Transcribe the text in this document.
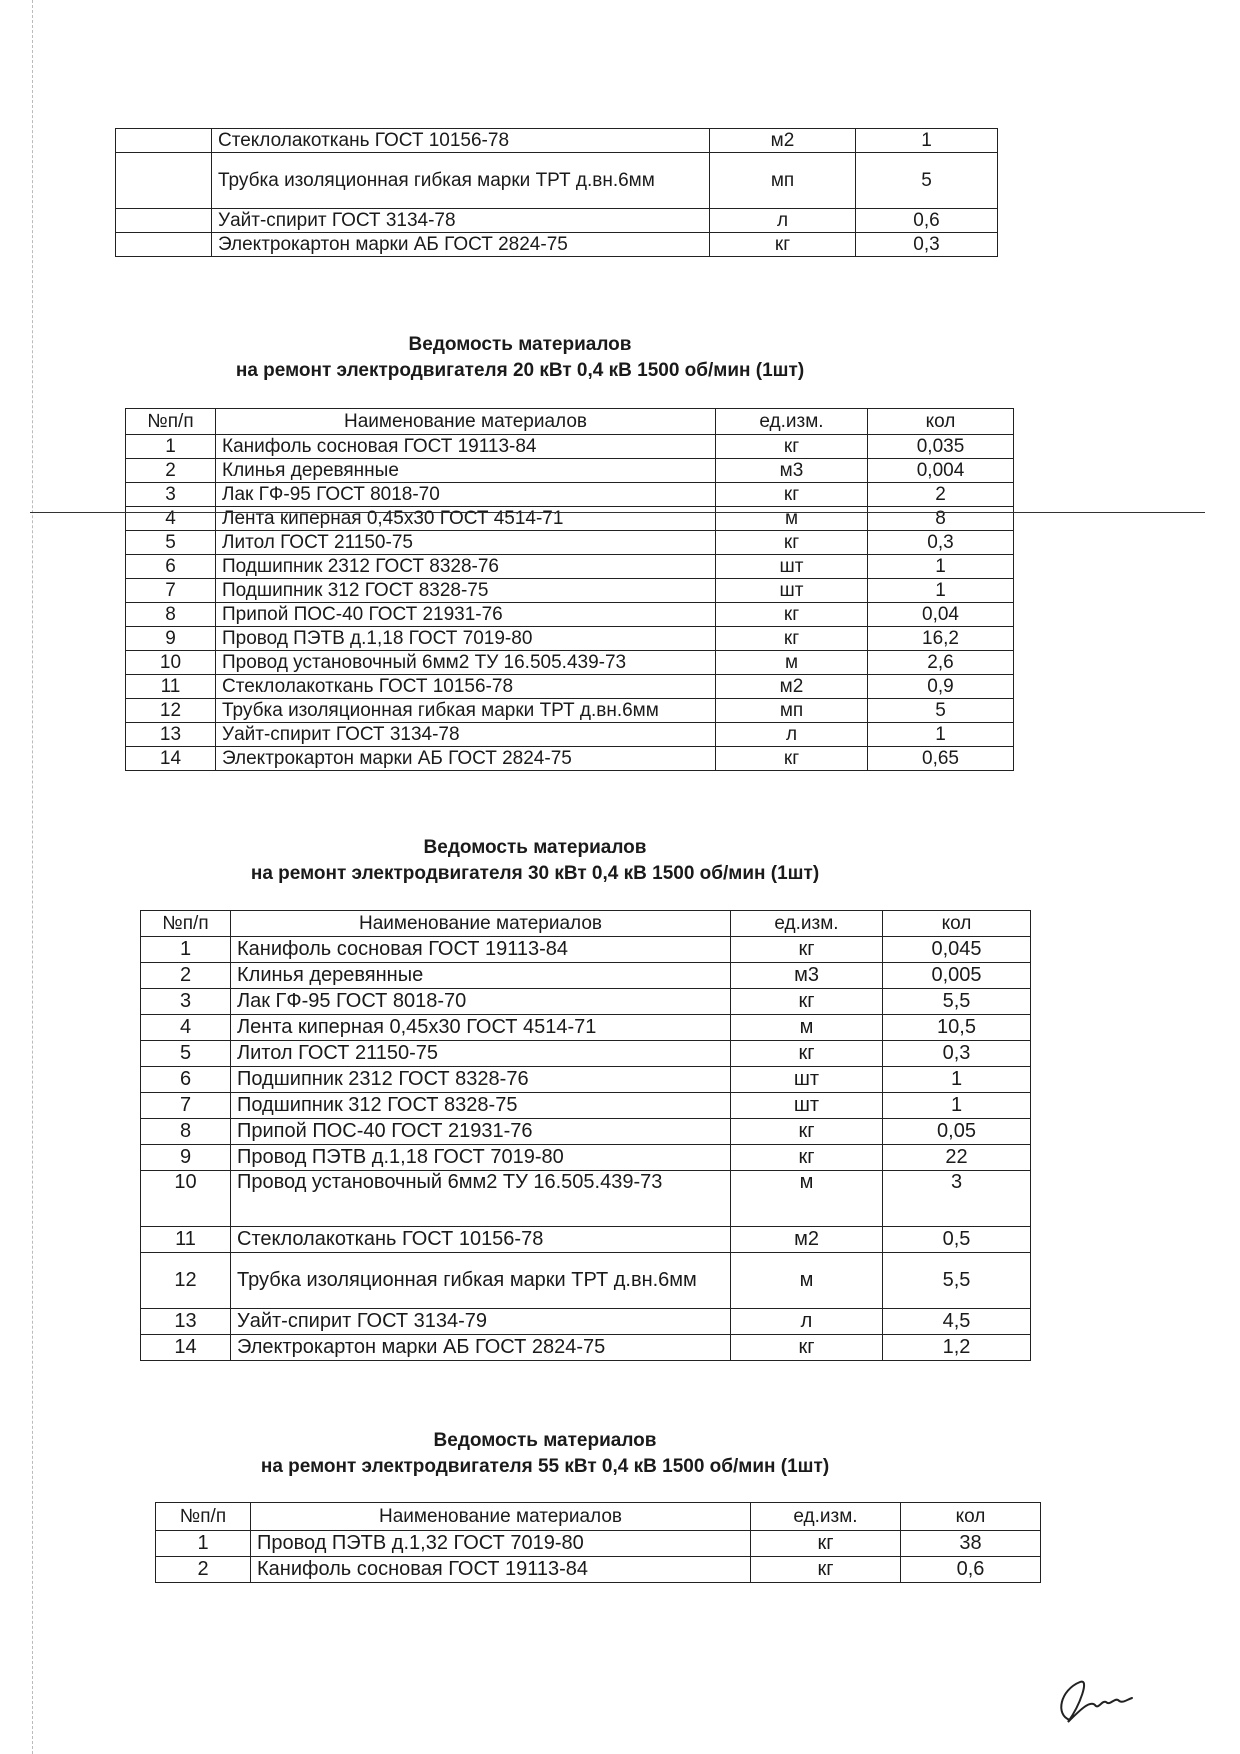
	Стеклолакоткань ГОСТ 10156-78	м2	1
	Трубка изоляционная гибкая марки ТРТ д.вн.6мм	мп	5
	Уайт-спирит ГОСТ 3134-78	л	0,6
	Электрокартон марки АБ ГОСТ 2824-75	кг	0,3
Ведомость материалов
на ремонт электродвигателя 20 кВт 0,4 кВ 1500 об/мин (1шт)
№п/п	Наименование материалов	ед.изм.	кол
1	Канифоль сосновая ГОСТ 19113-84	кг	0,035
2	Клинья деревянные	м3	0,004
3	Лак ГФ-95 ГОСТ 8018-70	кг	2
4	Лента киперная 0,45х30 ГОСТ 4514-71	м	8
5	Литол ГОСТ 21150-75	кг	0,3
6	Подшипник 2312 ГОСТ 8328-76	шт	1
7	Подшипник 312 ГОСТ 8328-75	шт	1
8	Припой ПОС-40 ГОСТ 21931-76	кг	0,04
9	Провод ПЭТВ д.1,18 ГОСТ 7019-80	кг	16,2
10	Провод установочный 6мм2 ТУ 16.505.439-73	м	2,6
11	Стеклолакоткань ГОСТ 10156-78	м2	0,9
12	Трубка изоляционная гибкая марки ТРТ д.вн.6мм	мп	5
13	Уайт-спирит ГОСТ 3134-78	л	1
14	Электрокартон марки АБ ГОСТ 2824-75	кг	0,65
Ведомость материалов
на ремонт электродвигателя 30 кВт 0,4 кВ 1500 об/мин (1шт)
№п/п	Наименование материалов	ед.изм.	кол
1	Канифоль сосновая ГОСТ 19113-84	кг	0,045
2	Клинья деревянные	м3	0,005
3	Лак ГФ-95 ГОСТ 8018-70	кг	5,5
4	Лента киперная 0,45х30 ГОСТ 4514-71	м	10,5
5	Литол ГОСТ 21150-75	кг	0,3
6	Подшипник 2312 ГОСТ 8328-76	шт	1
7	Подшипник 312 ГОСТ 8328-75	шт	1
8	Припой ПОС-40 ГОСТ 21931-76	кг	0,05
9	Провод ПЭТВ д.1,18 ГОСТ 7019-80	кг	22
10	Провод установочный 6мм2 ТУ 16.505.439-73	м	3
11	Стеклолакоткань ГОСТ 10156-78	м2	0,5
12	Трубка изоляционная гибкая марки ТРТ д.вн.6мм	м	5,5
13	Уайт-спирит ГОСТ 3134-79	л	4,5
14	Электрокартон марки АБ ГОСТ 2824-75	кг	1,2
Ведомость материалов
на ремонт электродвигателя 55 кВт 0,4 кВ 1500 об/мин (1шт)
№п/п	Наименование материалов	ед.изм.	кол
1	Провод ПЭТВ д.1,32 ГОСТ 7019-80	кг	38
2	Канифоль сосновая ГОСТ 19113-84	кг	0,6
